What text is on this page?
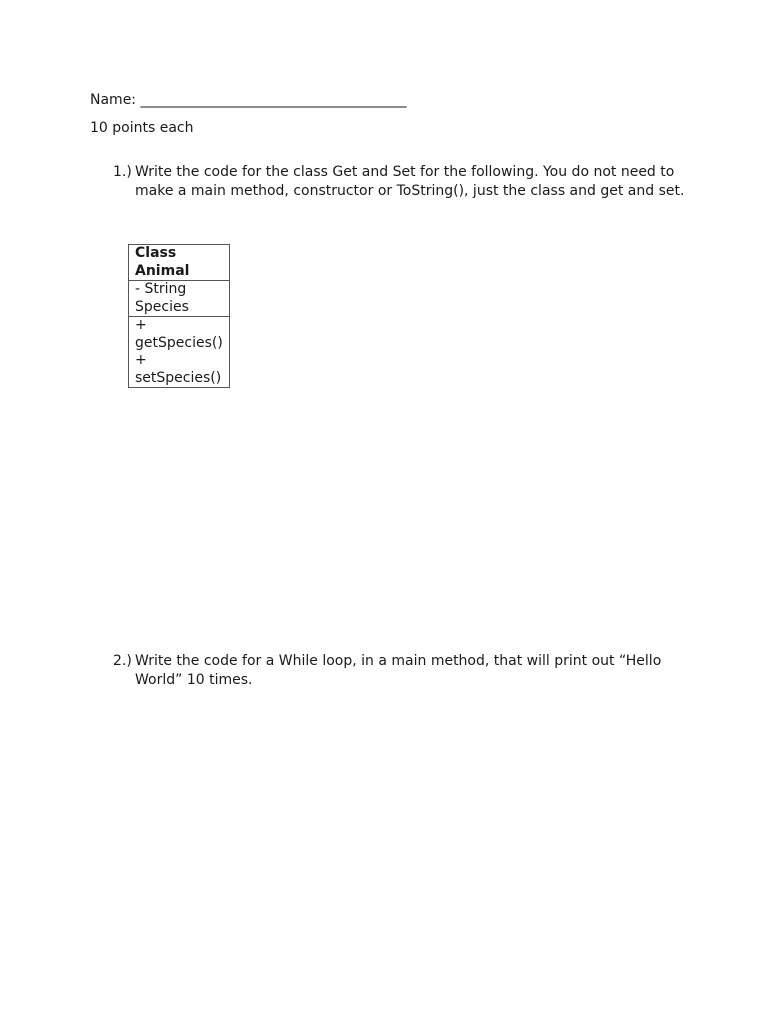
Name: ______________________________________
10 points each
1.) Write the code for the class Get and Set for the following. You do not need to
make a main method, constructor or ToString(), just the class and get and set.
Class
Animal

- String
Species

+
getSpecies()
+
setSpecies()
2.) Write the code for a While loop, in a main method, that will print out “Hello
World” 10 times.
